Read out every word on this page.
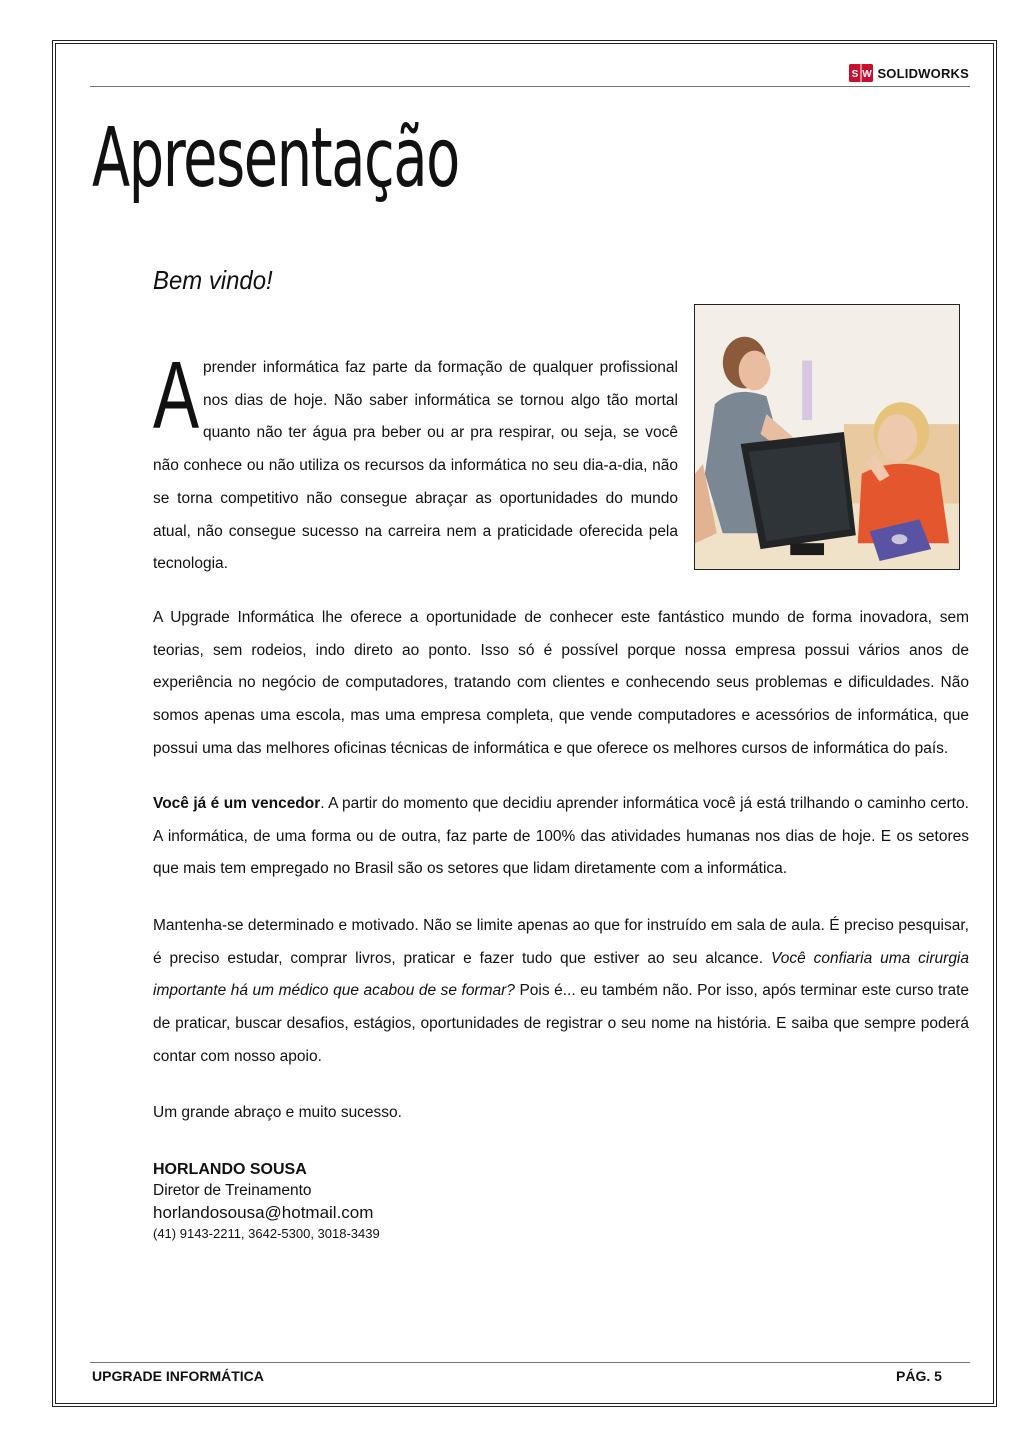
S W SOLIDWORKS
Apresentação
Bem vindo!
Aprender informática faz parte da formação de qualquer profissional nos dias de hoje. Não saber informática se tornou algo tão mortal quanto não ter água pra beber ou ar pra respirar, ou seja, se você não conhece ou não utiliza os recursos da informática no seu dia-a-dia, não se torna competitivo não consegue abraçar as oportunidades do mundo atual, não consegue sucesso na carreira nem a praticidade oferecida pela tecnologia.

A Upgrade Informática lhe oferece a oportunidade de conhecer este fantástico mundo de forma inovadora, sem teorias, sem rodeios, indo direto ao ponto. Isso só é possível porque nossa empresa possui vários anos de experiência no negócio de computadores, tratando com clientes e conhecendo seus problemas e dificuldades. Não somos apenas uma escola, mas uma empresa completa, que vende computadores e acessórios de informática, que possui uma das melhores oficinas técnicas de informática e que oferece os melhores cursos de informática do país.

Você já é um vencedor. A partir do momento que decidiu aprender informática você já está trilhando o caminho certo. A informática, de uma forma ou de outra, faz parte de 100% das atividades humanas nos dias de hoje. E os setores que mais tem empregado no Brasil são os setores que lidam diretamente com a informática.

Mantenha-se determinado e motivado. Não se limite apenas ao que for instruído em sala de aula. É preciso pesquisar, é preciso estudar, comprar livros, praticar e fazer tudo que estiver ao seu alcance. Você confiaria uma cirurgia importante há um médico que acabou de se formar? Pois é... eu também não. Por isso, após terminar este curso trate de praticar, buscar desafios, estágios, oportunidades de registrar o seu nome na história. E saiba que sempre poderá contar com nosso apoio.

Um grande abraço e muito sucesso.

HORLANDO SOUSA
Diretor de Treinamento
horlandosousa@hotmail.com
(41) 9143-2211, 3642-5300, 3018-3439
UPGRADE INFORMÁTICA	PÁG. 5
